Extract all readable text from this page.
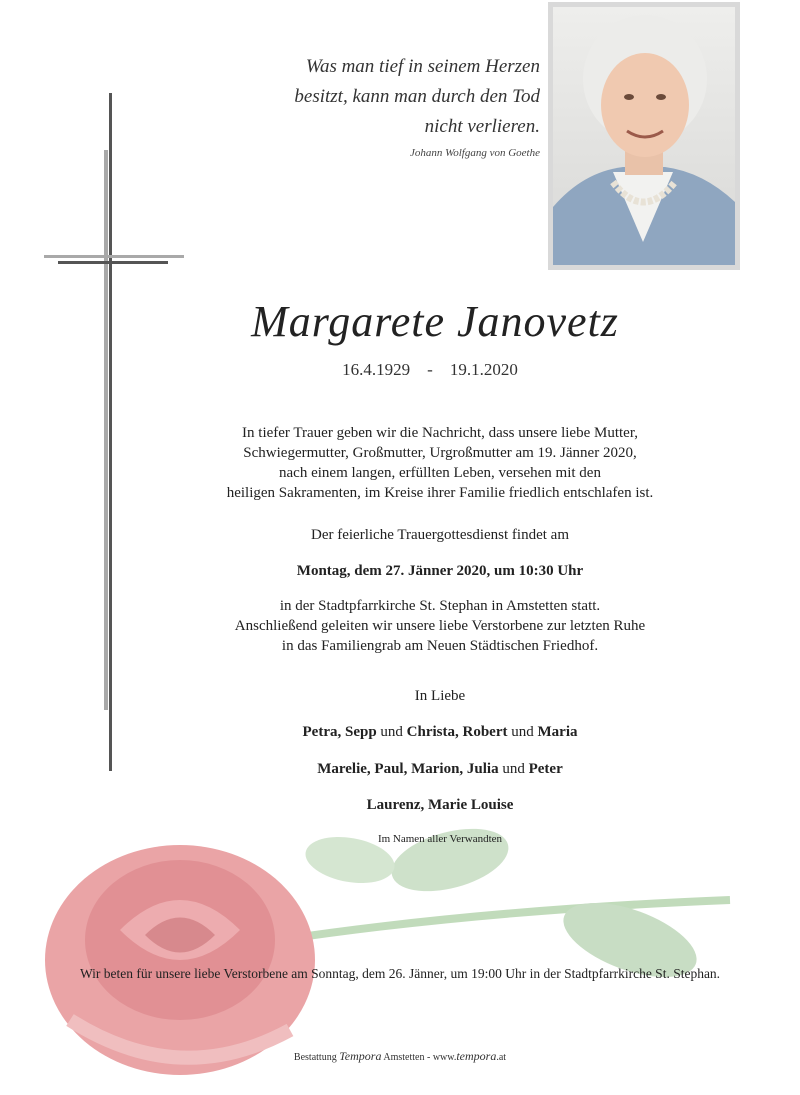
Was man tief in seinem Herzen
besitzt, kann man durch den Tod
nicht verlieren.
Johann Wolfgang von Goethe
Margarete Janovetz
16.4.1929 - 19.1.2020
In tiefer Trauer geben wir die Nachricht, dass unsere liebe Mutter,
Schwiegermutter, Großmutter, Urgroßmutter am 19. Jänner 2020,
nach einem langen, erfüllten Leben, versehen mit den
heiligen Sakramenten, im Kreise ihrer Familie friedlich entschlafen ist.
Der feierliche Trauergottesdienst findet am
Montag, dem 27. Jänner 2020, um 10:30 Uhr
in der Stadtpfarrkirche St. Stephan in Amstetten statt.
Anschließend geleiten wir unsere liebe Verstorbene zur letzten Ruhe
in das Familiengrab am Neuen Städtischen Friedhof.
In Liebe
Petra, Sepp und Christa, Robert und Maria
Marelie, Paul, Marion, Julia und Peter
Laurenz, Marie Louise
Im Namen aller Verwandten
Wir beten für unsere liebe Verstorbene am Sonntag, dem 26. Jänner, um 19:00 Uhr in der Stadtpfarrkirche St. Stephan.
Bestattung Tempora Amstetten - www.tempora.at
